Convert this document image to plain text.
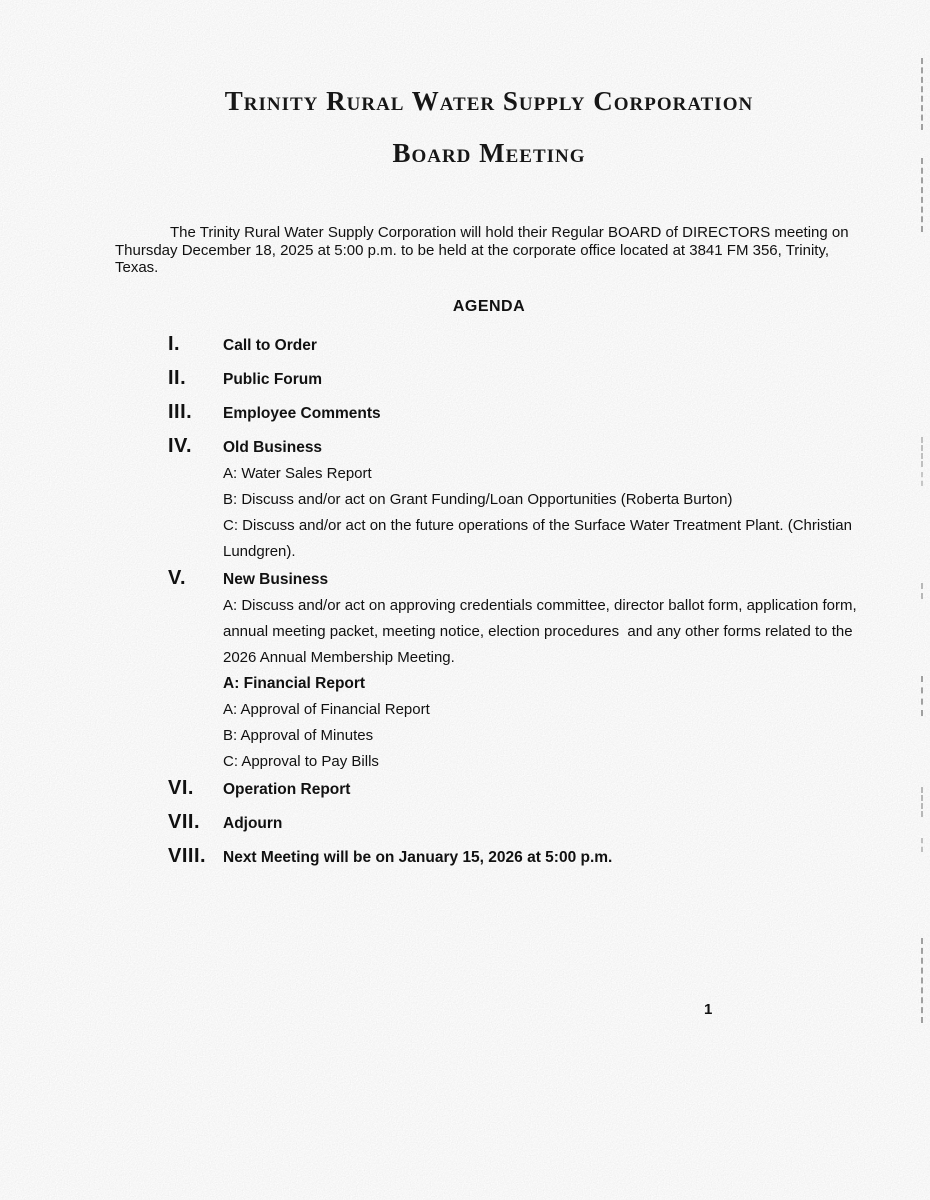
Trinity Rural Water Supply Corporation
Board Meeting
The Trinity Rural Water Supply Corporation will hold their Regular BOARD of DIRECTORS meeting on
Thursday December 18, 2025 at 5:00 p.m. to be held at the corporate office located at 3841 FM 356, Trinity,
Texas.
AGENDA
I.	Call to Order
II.	Public Forum
III.	Employee Comments
IV.	Old Business
A: Water Sales Report
B: Discuss and/or act on Grant Funding/Loan Opportunities (Roberta Burton)
C: Discuss and/or act on the future operations of the Surface Water Treatment Plant. (Christian
Lundgren).
V.	New Business
A: Discuss and/or act on approving credentials committee, director ballot form, application form,
annual meeting packet, meeting notice, election procedures  and any other forms related to the
2026 Annual Membership Meeting.
A: Financial Report
A: Approval of Financial Report
B: Approval of Minutes
C: Approval to Pay Bills
VI.	Operation Report
VII.	Adjourn
VIII.	Next Meeting will be on January 15, 2026 at 5:00 p.m.
1
